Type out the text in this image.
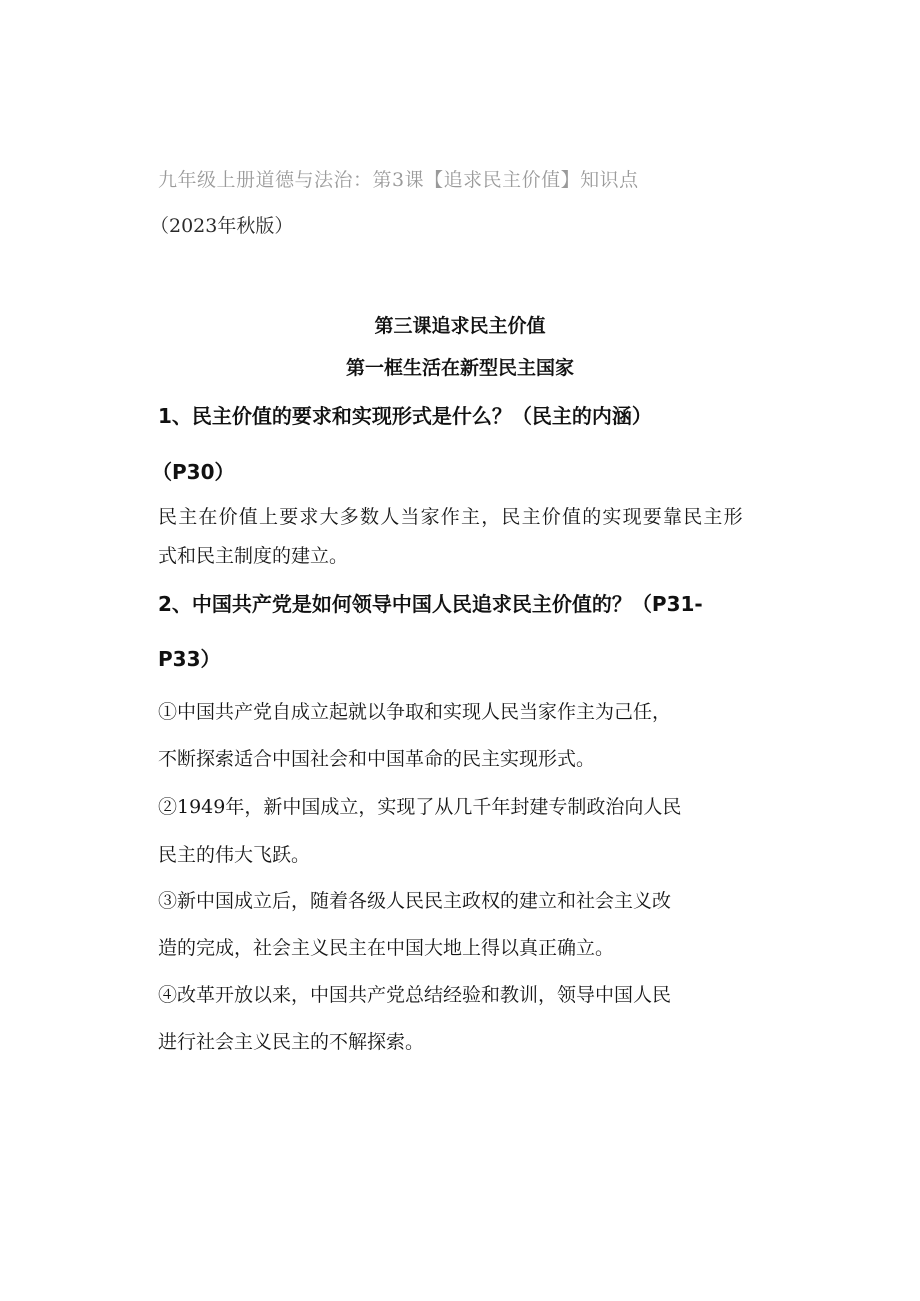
九年级上册道德与法治：第3课【追求民主价值】知识点
（2023年秋版）
第三课追求民主价值
第一框生活在新型民主国家
1、民主价值的要求和实现形式是什么？（民主的内涵）
（P30）
民主在价值上要求大多数人当家作主，民主价值的实现要靠民主形
式和民主制度的建立。
2、中国共产党是如何领导中国人民追求民主价值的？（P31-
P33）
①中国共产党自成立起就以争取和实现人民当家作主为己任，
不断探索适合中国社会和中国革命的民主实现形式。
②1949年，新中国成立，实现了从几千年封建专制政治向人民
民主的伟大飞跃。
③新中国成立后，随着各级人民民主政权的建立和社会主义改
造的完成，社会主义民主在中国大地上得以真正确立。
④改革开放以来，中国共产党总结经验和教训，领导中国人民
进行社会主义民主的不解探索。
